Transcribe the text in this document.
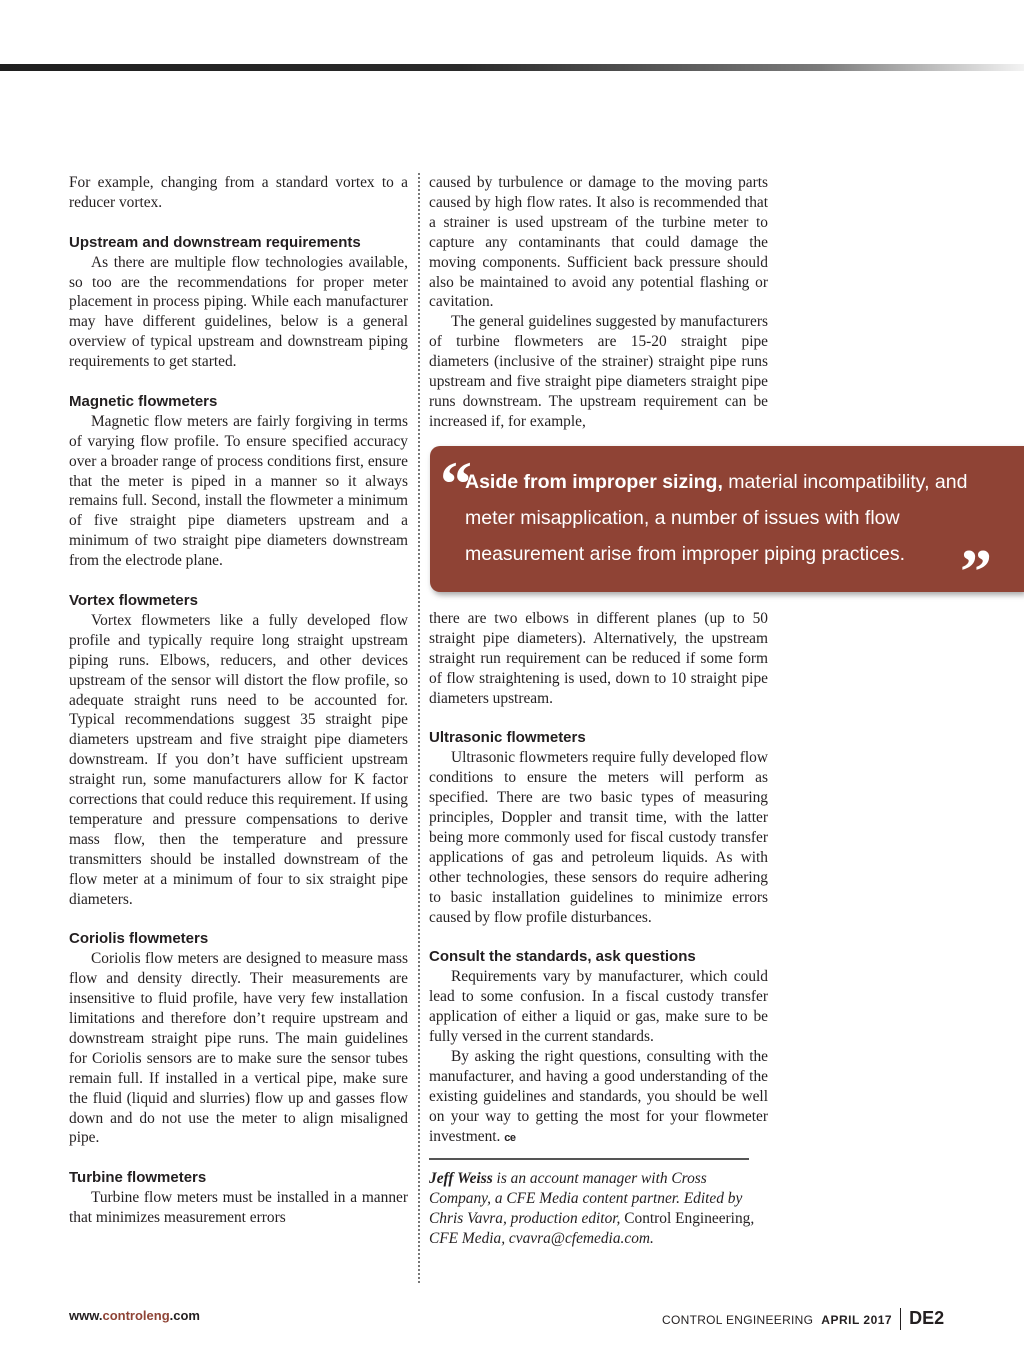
For example, changing from a standard vortex to a reducer vortex.

Upstream and downstream requirements

As there are multiple flow technologies available, so too are the recommendations for proper meter placement in process piping. While each manufacturer may have different guidelines, below is a general overview of typical upstream and downstream piping requirements to get started.

Magnetic flowmeters

Magnetic flow meters are fairly forgiving in terms of varying flow profile. To ensure specified accuracy over a broader range of process conditions first, ensure that the meter is piped in a manner so it always remains full. Second, install the flowmeter a minimum of five straight pipe diameters upstream and a minimum of two straight pipe diameters downstream from the electrode plane.

Vortex flowmeters

Vortex flowmeters like a fully developed flow profile and typically require long straight upstream piping runs. Elbows, reducers, and other devices upstream of the sensor will distort the flow profile, so adequate straight runs need to be accounted for. Typical recommendations suggest 35 straight pipe diameters upstream and five straight pipe diameters downstream. If you don’t have sufficient upstream straight run, some manufacturers allow for K factor corrections that could reduce this requirement. If using temperature and pressure compensations to derive mass flow, then the temperature and pressure transmitters should be installed downstream of the flow meter at a minimum of four to six straight pipe diameters.

Coriolis flowmeters

Coriolis flow meters are designed to measure mass flow and density directly. Their measurements are insensitive to fluid profile, have very few installation limitations and therefore don’t require upstream and downstream straight pipe runs. The main guidelines for Coriolis sensors are to make sure the sensor tubes remain full. If installed in a vertical pipe, make sure the fluid (liquid and slurries) flow up and gasses flow down and do not use the meter to align misaligned pipe.

Turbine flowmeters

Turbine flow meters must be installed in a manner that minimizes measurement errors

caused by turbulence or damage to the moving parts caused by high flow rates. It also is recommended that a strainer is used upstream of the turbine meter to capture any contaminants that could damage the moving components. Sufficient back pressure should also be maintained to avoid any potential flashing or cavitation.

The general guidelines suggested by manufacturers of turbine flowmeters are 15-20 straight pipe diameters (inclusive of the strainer) straight pipe runs upstream and five straight pipe diameters straight pipe runs downstream. The upstream requirement can be increased if, for example,

“
Aside from improper sizing, material incompatibility, and meter misapplication, a number of issues with flow measurement arise from improper piping practices. ”

there are two elbows in different planes (up to 50 straight pipe diameters). Alternatively, the upstream straight run requirement can be reduced if some form of flow straightening is used, down to 10 straight pipe diameters upstream.

Ultrasonic flowmeters

Ultrasonic flowmeters require fully developed flow conditions to ensure the meters will perform as specified. There are two basic types of measuring principles, Doppler and transit time, with the latter being more commonly used for fiscal custody transfer applications of gas and petroleum liquids. As with other technologies, these sensors do require adhering to basic installation guidelines to minimize errors caused by flow profile disturbances.

Consult the standards, ask questions

Requirements vary by manufacturer, which could lead to some confusion. In a fiscal custody transfer application of either a liquid or gas, make sure to be fully versed in the current standards.

By asking the right questions, consulting with the manufacturer, and having a good understanding of the existing guidelines and standards, you should be well on your way to getting the most for your flowmeter investment. ce

Jeff Weiss is an account manager with Cross Company, a CFE Media content partner. Edited by Chris Vavra, production editor, Control Engineering, CFE Media, cvavra@cfemedia.com.

www.controleng.com	CONTROL ENGINEERING APRIL 2017 DE2
